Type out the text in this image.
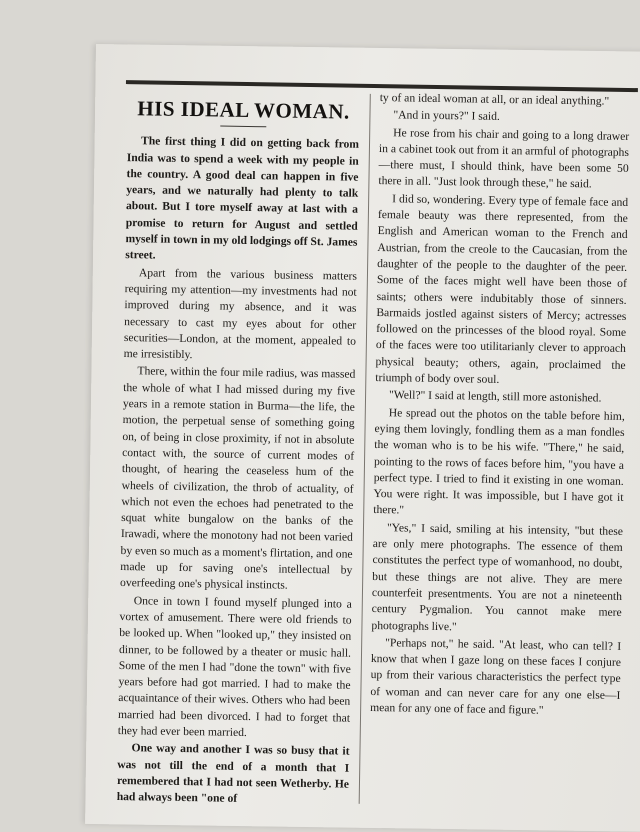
HIS IDEAL WOMAN.

The first thing I did on getting back from India was to spend a week with my people in the country. A good deal can happen in five years, and we naturally had plenty to talk about. But I tore myself away at last with a promise to return for August and settled myself in town in my old lodgings off St. James street.

Apart from the various business matters requiring my attention—my investments had not improved during my absence, and it was necessary to cast my eyes about for other securities—London, at the moment, appealed to me irresistibly.

There, within the four mile radius, was massed the whole of what I had missed during my five years in a remote station in Burma—the life, the motion, the perpetual sense of something going on, of being in close proximity, if not in absolute contact with, the source of current modes of thought, of hearing the ceaseless hum of the wheels of civilization, the throb of actuality, of which not even the echoes had penetrated to the squat white bungalow on the banks of the Irawadi, where the monotony had not been varied by even so much as a moment's flirtation, and one made up for saving one's intellectual by overfeeding one's physical instincts.

Once in town I found myself plunged into a vortex of amusement. There were old friends to be looked up. When "looked up," they insisted on dinner, to be followed by a theater or music hall. Some of the men I had "done the town" with five years before had got married. I had to make the acquaintance of their wives. Others who had been married had been divorced. I had to forget that they had ever been married.

One way and another I was so busy that it was not till the end of a month that I remembered that I had not seen Wetherby. He had always been "one of

ty of an ideal woman at all, or an ideal anything."

"And in yours?" I said.

He rose from his chair and going to a long drawer in a cabinet took out from it an armful of photographs—there must, I should think, have been some 50 there in all. "Just look through these," he said.

I did so, wondering. Every type of female face and female beauty was there represented, from the English and American woman to the French and Austrian, from the creole to the Caucasian, from the daughter of the people to the daughter of the peer. Some of the faces might well have been those of saints; others were indubitably those of sinners. Barmaids jostled against sisters of Mercy; actresses followed on the princesses of the blood royal. Some of the faces were too utilitarianly clever to approach physical beauty; others, again, proclaimed the triumph of body over soul.

"Well?" I said at length, still more astonished.

He spread out the photos on the table before him, eying them lovingly, fondling them as a man fondles the woman who is to be his wife. "There," he said, pointing to the rows of faces before him, "you have a perfect type. I tried to find it existing in one woman. You were right. It was impossible, but I have got it there."

"Yes," I said, smiling at his intensity, "but these are only mere photographs. The essence of them constitutes the perfect type of womanhood, no doubt, but these things are not alive. They are mere counterfeit presentments. You are not a nineteenth century Pygmalion. You cannot make mere photographs live."

"Perhaps not," he said. "At least, who can tell? I know that when I gaze long on these faces I conjure up from their various characteristics the perfect type of woman and can never care for any one else—I mean for any one of face and figure."
